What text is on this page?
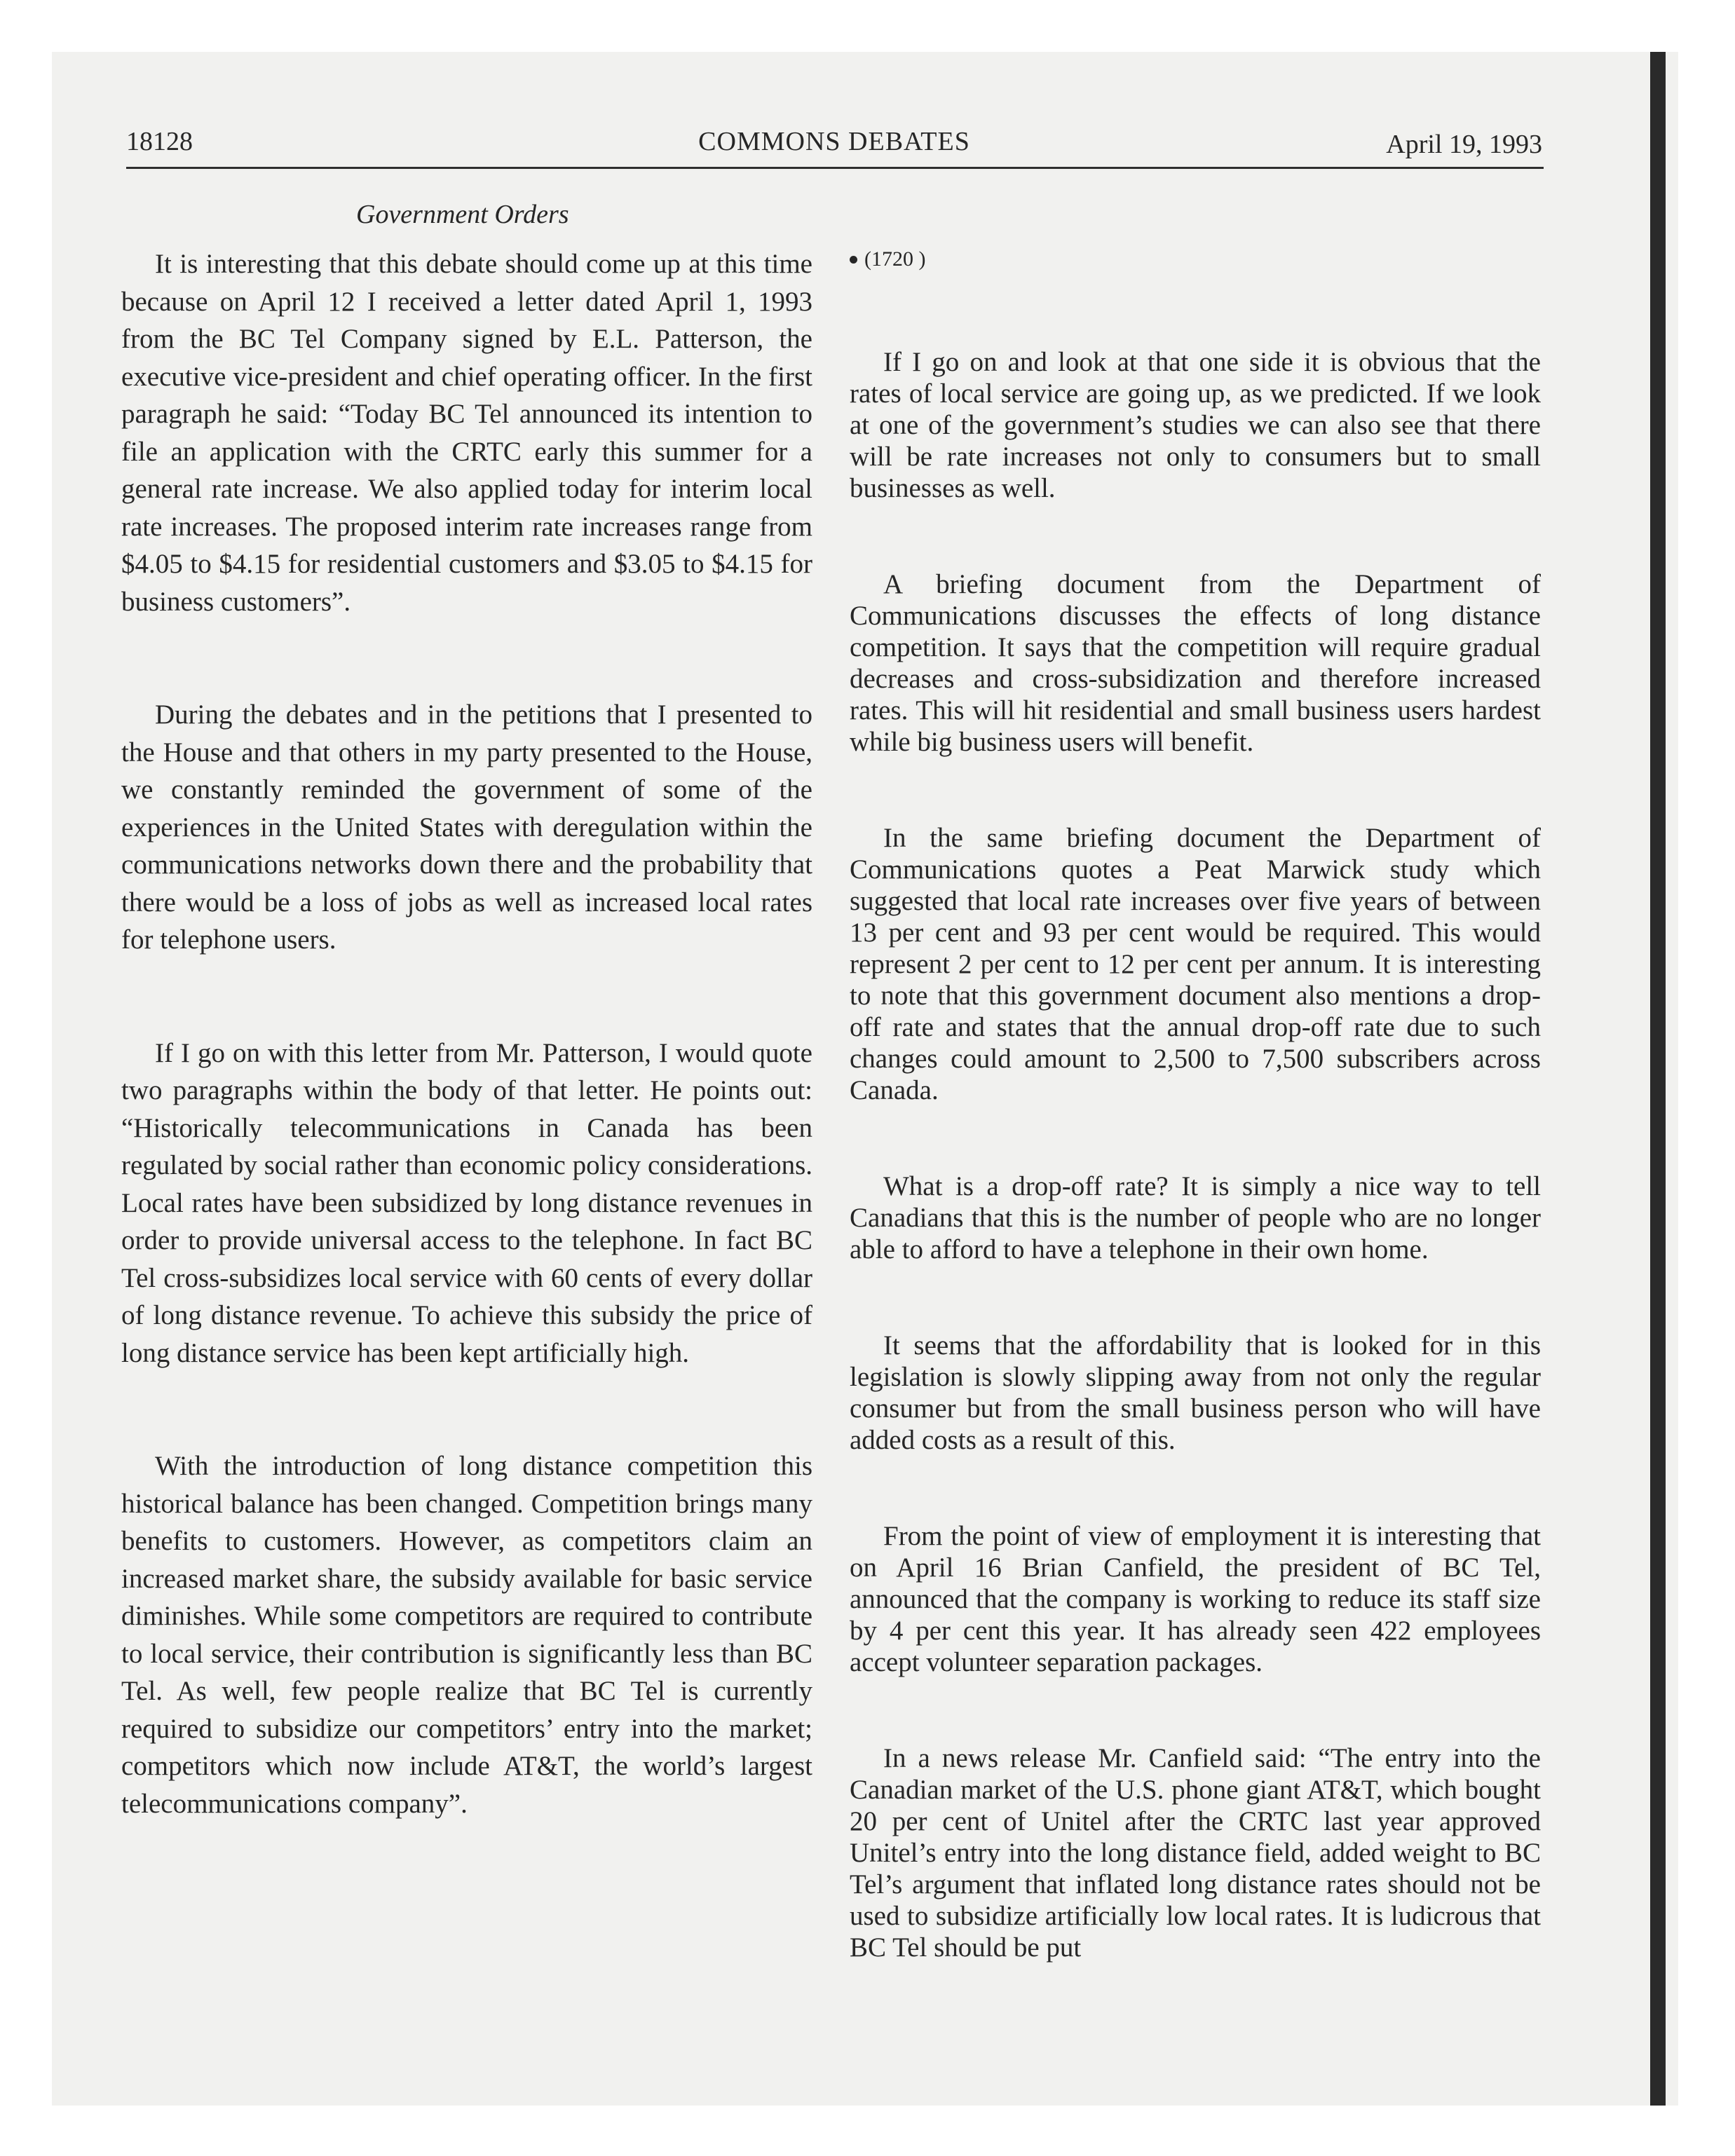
18128	COMMONS DEBATES	April 19, 1993
Government Orders

It is interesting that this debate should come up at this time because on April 12 I received a letter dated April 1, 1993 from the BC Tel Company signed by E.L. Patterson, the executive vice-president and chief operating officer. In the first paragraph he said: “Today BC Tel announced its intention to file an application with the CRTC early this summer for a general rate increase. We also applied today for interim local rate increases. The proposed interim rate increases range from $4.05 to $4.15 for residential customers and $3.05 to $4.15 for business customers”.

During the debates and in the petitions that I presented to the House and that others in my party presented to the House, we constantly reminded the government of some of the experiences in the United States with deregulation within the communications networks down there and the probability that there would be a loss of jobs as well as increased local rates for telephone users.

If I go on with this letter from Mr. Patterson, I would quote two paragraphs within the body of that letter. He points out: “Historically telecommunications in Canada has been regulated by social rather than economic policy considerations. Local rates have been subsidized by long distance revenues in order to provide universal access to the telephone. In fact BC Tel cross-subsidizes local service with 60 cents of every dollar of long distance revenue. To achieve this subsidy the price of long distance service has been kept artificially high.

With the introduction of long distance competition this historical balance has been changed. Competition brings many benefits to customers. However, as competitors claim an increased market share, the subsidy available for basic service diminishes. While some competitors are required to contribute to local service, their contribution is significantly less than BC Tel. As well, few people realize that BC Tel is currently required to subsidize our competitors’ entry into the market; competitors which now include AT&T, the world’s largest telecommunications company”.

(1720 )

If I go on and look at that one side it is obvious that the rates of local service are going up, as we predicted. If we look at one of the government’s studies we can also see that there will be rate increases not only to consumers but to small businesses as well.

A briefing document from the Department of Communications discusses the effects of long distance competition. It says that the competition will require gradual decreases and cross-subsidization and therefore increased rates. This will hit residential and small business users hardest while big business users will benefit.

In the same briefing document the Department of Communications quotes a Peat Marwick study which suggested that local rate increases over five years of between 13 per cent and 93 per cent would be required. This would represent 2 per cent to 12 per cent per annum. It is interesting to note that this government document also mentions a drop-off rate and states that the annual drop-off rate due to such changes could amount to 2,500 to 7,500 subscribers across Canada.

What is a drop-off rate? It is simply a nice way to tell Canadians that this is the number of people who are no longer able to afford to have a telephone in their own home.

It seems that the affordability that is looked for in this legislation is slowly slipping away from not only the regular consumer but from the small business person who will have added costs as a result of this.

From the point of view of employment it is interesting that on April 16 Brian Canfield, the president of BC Tel, announced that the company is working to reduce its staff size by 4 per cent this year. It has already seen 422 employees accept volunteer separation packages.

In a news release Mr. Canfield said: “The entry into the Canadian market of the U.S. phone giant AT&T, which bought 20 per cent of Unitel after the CRTC last year approved Unitel’s entry into the long distance field, added weight to BC Tel’s argument that inflated long distance rates should not be used to subsidize artificially low local rates. It is ludicrous that BC Tel should be put
